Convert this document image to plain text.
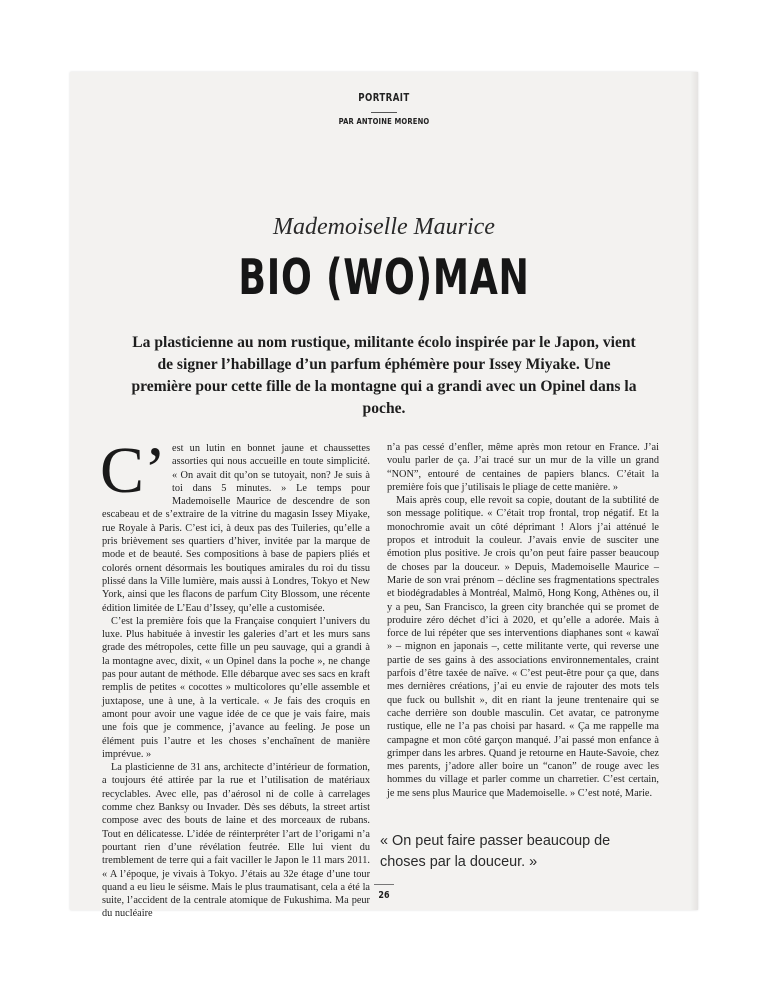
PORTRAIT
PAR ANTOINE MORENO
Mademoiselle Maurice
BIO (WO)MAN
La plasticienne au nom rustique, militante écolo inspirée par le Japon, vient de signer l’habillage d’un parfum éphémère pour Issey Miyake. Une première pour cette fille de la montagne qui a grandi avec un Opinel dans la poche.

C’ est un lutin en bonnet jaune et chaussettes assorties qui nous accueille en toute simplicité. « On avait dit qu’on se tutoyait, non? Je suis à toi dans 5 minutes. » Le temps pour Mademoiselle Maurice de descendre de son escabeau et de s’extraire de la vitrine du magasin Issey Miyake, rue Royale à Paris. C’est ici, à deux pas des Tuileries, qu’elle a pris brièvement ses quartiers d’hiver, invitée par la marque de mode et de beauté. Ses compositions à base de papiers pliés et colorés ornent désormais les boutiques amirales du roi du tissu plissé dans la Ville lumière, mais aussi à Londres, Tokyo et New York, ainsi que les flacons de parfum City Blossom, une récente édition limitée de L’Eau d’Issey, qu’elle a customisée.

C’est la première fois que la Française conquiert l’univers du luxe. Plus habituée à investir les galeries d’art et les murs sans grade des métropoles, cette fille un peu sauvage, qui a grandi à la montagne avec, dixit, « un Opinel dans la poche », ne change pas pour autant de méthode. Elle débarque avec ses sacs en kraft remplis de petites « cocottes » multicolores qu’elle assemble et juxtapose, une à une, à la verticale. « Je fais des croquis en amont pour avoir une vague idée de ce que je vais faire, mais une fois que je commence, j’avance au feeling. Je pose un élément puis l’autre et les choses s’enchaînent de manière imprévue. »

La plasticienne de 31 ans, architecte d’intérieur de formation, a toujours été attirée par la rue et l’utilisation de matériaux recyclables. Avec elle, pas d’aérosol ni de colle à carrelages comme chez Banksy ou Invader. Dès ses débuts, la street artist compose avec des bouts de laine et des morceaux de rubans. Tout en délicatesse. L’idée de réinterpréter l’art de l’origami n’a pourtant rien d’une révélation feutrée. Elle lui vient du tremblement de terre qui a fait vaciller le Japon le 11 mars 2011. « A l’époque, je vivais à Tokyo. J’étais au 32e étage d’une tour quand a eu lieu le séisme. Mais le plus traumatisant, cela a été la suite, l’accident de la centrale atomique de Fukushima. Ma peur du nucléaire

n’a pas cessé d’enfler, même après mon retour en France. J’ai voulu parler de ça. J’ai tracé sur un mur de la ville un grand “NON”, entouré de centaines de papiers blancs. C’était la première fois que j’utilisais le pliage de cette manière. »

Mais après coup, elle revoit sa copie, doutant de la subtilité de son message politique. « C’était trop frontal, trop négatif. Et la monochromie avait un côté déprimant ! Alors j’ai atténué le propos et introduit la couleur. J’avais envie de susciter une émotion plus positive. Je crois qu’on peut faire passer beaucoup de choses par la douceur. » Depuis, Mademoiselle Maurice – Marie de son vrai prénom – décline ses fragmentations spectrales et biodégradables à Montréal, Malmö, Hong Kong, Athènes ou, il y a peu, San Francisco, la green city branchée qui se promet de produire zéro déchet d’ici à 2020, et qu’elle a adorée. Mais à force de lui répéter que ses interventions diaphanes sont « kawaï » – mignon en japonais –, cette militante verte, qui reverse une partie de ses gains à des associations environnementales, craint parfois d’être taxée de naïve. « C’est peut-être pour ça que, dans mes dernières créations, j’ai eu envie de rajouter des mots tels que fuck ou bullshit », dit en riant la jeune trentenaire qui se cache derrière son double masculin. Cet avatar, ce patronyme rustique, elle ne l’a pas choisi par hasard. « Ça me rappelle ma campagne et mon côté garçon manqué. J’ai passé mon enfance à grimper dans les arbres. Quand je retourne en Haute-Savoie, chez mes parents, j’adore aller boire un “canon” de rouge avec les hommes du village et parler comme un charretier. C’est certain, je me sens plus Maurice que Mademoiselle. » C’est noté, Marie.

« On peut faire passer beaucoup de choses par la douceur. »
26
